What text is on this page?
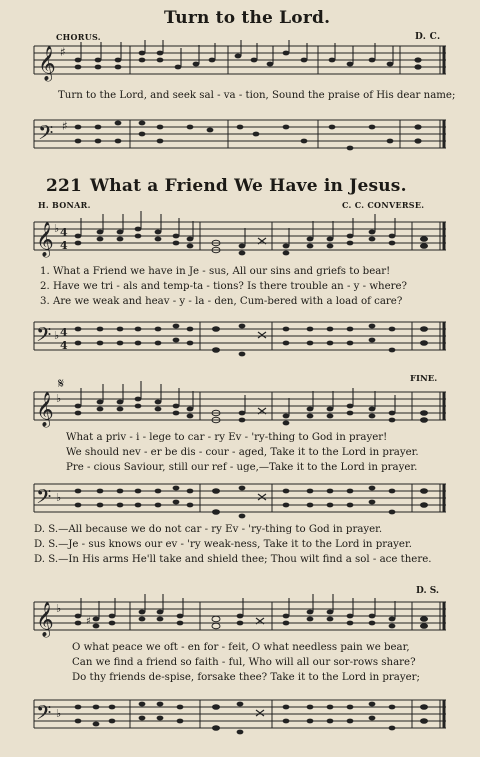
Turn to the Lord.
CHORUS.	D. C.
𝄞 ♯
Turn to the Lord, and seek sal - va - tion, Sound the praise of His dear name;
𝄢 ♯
221 What a Friend We Have in Jesus.
H. BONAR.	C. C. CONVERSE.
𝄞 ♭ 4
4
1. What a Friend we have in Je - sus, All our sins and griefs to bear!
2. Have we tri - als and temp-ta - tions? Is there trouble an - y - where?
3. Are we weak and heav - y - la - den, Cum-bered with a load of care?
𝄢 ♭ 4
4
FINE.
𝄋
𝄞 ♭
What a priv - i - lege to car - ry Ev - 'ry-thing to God in prayer!
We should nev - er be dis - cour - aged, Take it to the Lord in prayer.
Pre - cious Saviour, still our ref - uge,—Take it to the Lord in prayer.
𝄢 ♭
D. S.—All because we do not car - ry Ev - 'ry-thing to God in prayer.
D. S.—Je - sus knows our ev - 'ry weak-ness, Take it to the Lord in prayer.
D. S.—In His arms He'll take and shield thee; Thou wilt find a sol - ace there.
D. S.
𝄞 ♭
♯
O what peace we oft - en for - feit, O what needless pain we bear,
Can we find a friend so faith - ful, Who will all our sor-rows share?
Do thy friends de-spise, forsake thee? Take it to the Lord in prayer;
𝄢 ♭
